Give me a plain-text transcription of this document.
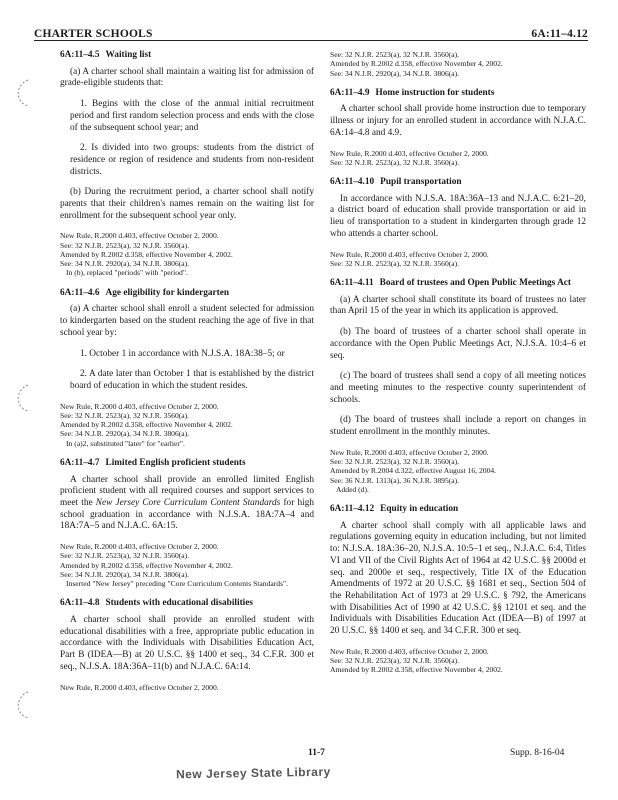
CHARTER SCHOOLS	6A:11–4.12
6A:11–4.5 Waiting list

(a) A charter school shall maintain a waiting list for admission of grade-eligible students that:

1. Begins with the close of the annual initial recruitment period and first random selection process and ends with the close of the subsequent school year; and

2. Is divided into two groups: students from the district of residence or region of residence and students from non-resident districts.

(b) During the recruitment period, a charter school shall notify parents that their children's names remain on the waiting list for enrollment for the subsequent school year only.

New Rule, R.2000 d.403, effective October 2, 2000.
See: 32 N.J.R. 2523(a), 32 N.J.R. 3560(a).
Amended by R.2002 d.358, effective November 4, 2002.
See: 34 N.J.R. 2920(a), 34 N.J.R. 3806(a).
In (b), replaced "periods" with "period".
6A:11–4.6 Age eligibility for kindergarten

(a) A charter school shall enroll a student selected for admission to kindergarten based on the student reaching the age of five in that school year by:

1. October 1 in accordance with N.J.S.A. 18A:38–5; or

2. A date later than October 1 that is established by the district board of education in which the student resides.

New Rule, R.2000 d.403, effective October 2, 2000.
See: 32 N.J.R. 2523(a), 32 N.J.R. 3560(a).
Amended by R.2002 d.358, effective November 4, 2002.
See: 34 N.J.R. 2920(a), 34 N.J.R. 3806(a).
In (a)2, substituted "later" for "earlier".
6A:11–4.7 Limited English proficient students

A charter school shall provide an enrolled limited English proficient student with all required courses and support services to meet the New Jersey Core Curriculum Content Standards for high school graduation in accordance with N.J.S.A. 18A:7A–4 and 18A:7A–5 and N.J.A.C. 6A:15.

New Rule, R.2000 d.403, effective October 2, 2000.
See: 32 N.J.R. 2523(a), 32 N.J.R. 3560(a).
Amended by R.2002 d.358, effective November 4, 2002.
See: 34 N.J.R. 2920(a), 34 N.J.R. 3806(a).
Inserted "New Jersey" preceding "Core Curriculum Contents Standards".
6A:11–4.8 Students with educational disabilities

A charter school shall provide an enrolled student with educational disabilities with a free, appropriate public education in accordance with the Individuals with Disabilities Education Act, Part B (IDEA—B) at 20 U.S.C. §§ 1400 et seq., 34 C.F.R. 300 et seq., N.J.S.A. 18A:36A–11(b) and N.J.A.C. 6A:14.

New Rule, R.2000 d.403, effective October 2, 2000.
See: 32 N.J.R. 2523(a), 32 N.J.R. 3560(a).
Amended by R.2002 d.358, effective November 4, 2002.
See: 34 N.J.R. 2920(a), 34 N.J.R. 3806(a).
6A:11–4.9 Home instruction for students

A charter school shall provide home instruction due to temporary illness or injury for an enrolled student in accordance with N.J.A.C. 6A:14–4.8 and 4.9.

New Rule, R.2000 d.403, effective October 2, 2000.
See: 32 N.J.R. 2523(a), 32 N.J.R. 3560(a).
6A:11–4.10 Pupil transportation

In accordance with N.J.S.A. 18A:36A–13 and N.J.A.C. 6:21–20, a district board of education shall provide transportation or aid in lieu of transportation to a student in kindergarten through grade 12 who attends a charter school.

New Rule, R.2000 d.403, effective October 2, 2000.
See: 32 N.J.R. 2523(a), 32 N.J.R. 3560(a).
6A:11–4.11 Board of trustees and Open Public Meetings Act

(a) A charter school shall constitute its board of trustees no later than April 15 of the year in which its application is approved.

(b) The board of trustees of a charter school shall operate in accordance with the Open Public Meetings Act, N.J.S.A. 10:4–6 et seq.

(c) The board of trustees shall send a copy of all meeting notices and meeting minutes to the respective county superintendent of schools.

(d) The board of trustees shall include a report on changes in student enrollment in the monthly minutes.

New Rule, R.2000 d.403, effective October 2, 2000.
See: 32 N.J.R. 2523(a), 32 N.J.R. 3560(a).
Amended by R.2004 d.322, effective August 16, 2004.
See: 36 N.J.R. 1313(a), 36 N.J.R. 3895(a).
Added (d).
6A:11–4.12 Equity in education

A charter school shall comply with all applicable laws and regulations governing equity in education including, but not limited to: N.J.S.A. 18A:36–20, N.J.S.A. 10:5–1 et seq., N.J.A.C. 6:4, Titles VI and VII of the Civil Rights Act of 1964 at 42 U.S.C. §§ 2000d et seq. and 2000e et seq., respectively, Title IX of the Education Amendments of 1972 at 20 U.S.C. §§ 1681 et seq., Section 504 of the Rehabilitation Act of 1973 at 29 U.S.C. § 792, the Americans with Disabilities Act of 1990 at 42 U.S.C. §§ 12101 et seq. and the Individuals with Disabilities Education Act (IDEA—B) of 1997 at 20 U.S.C. §§ 1400 et seq. and 34 C.F.R. 300 et seq.

New Rule, R.2000 d.403, effective October 2, 2000.
See: 32 N.J.R. 2523(a), 32 N.J.R. 3560(a).
Amended by R.2002 d.358, effective November 4, 2002.
11-7	Supp. 8-16-04
New Jersey State Library
